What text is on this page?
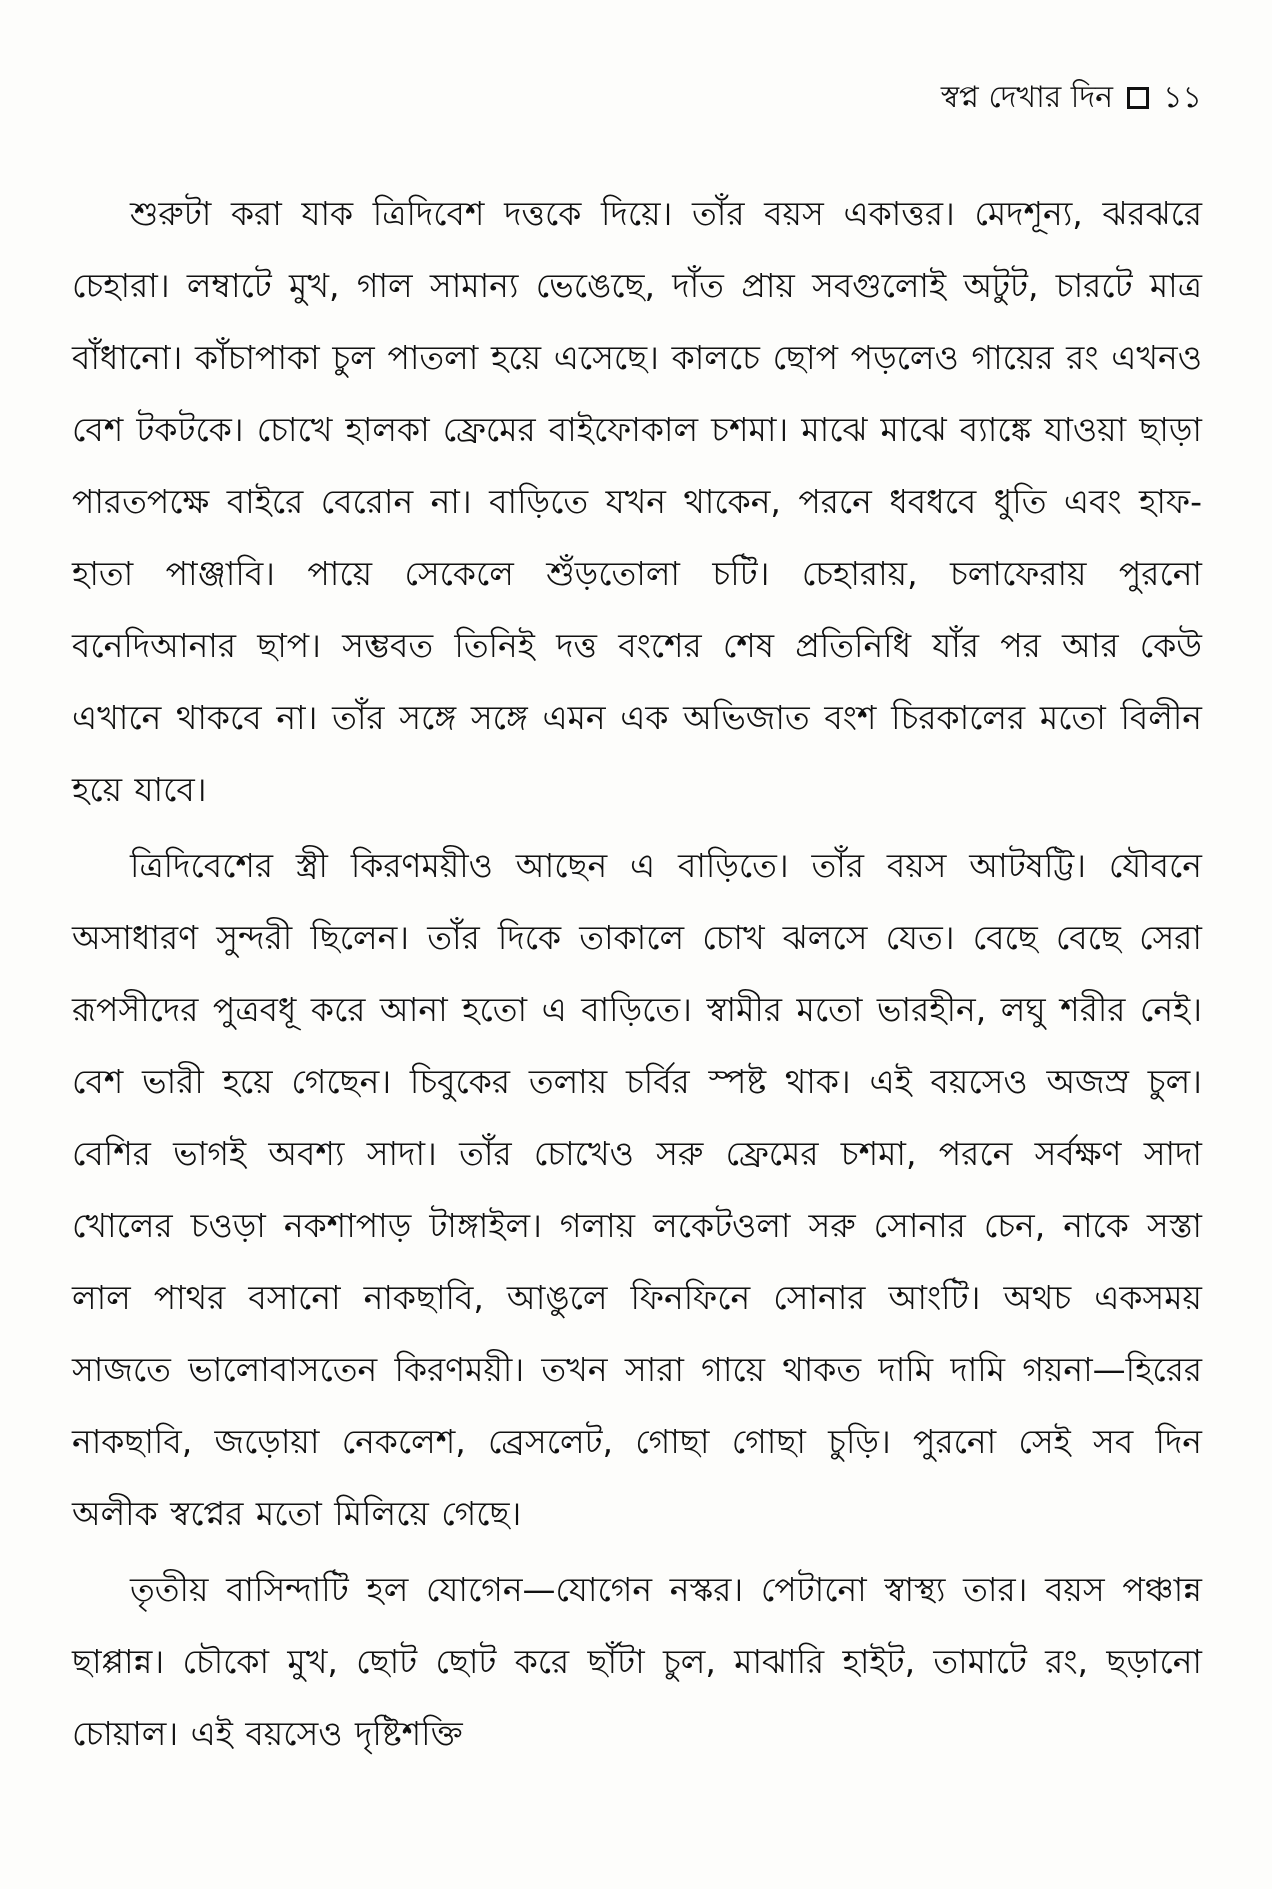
স্বপ্ন দেখার দিন ১১

শুরুটা করা যাক ত্রিদিবেশ দত্তকে দিয়ে। তাঁর বয়স একাত্তর। মেদশূন্য, ঝরঝরে চেহারা। লম্বাটে মুখ, গাল সামান্য ভেঙেছে, দাঁত প্রায় সবগুলোই অটুট, চারটে মাত্র বাঁধানো। কাঁচাপাকা চুল পাতলা হয়ে এসেছে। কালচে ছোপ পড়লেও গায়ের রং এখনও বেশ টকটকে। চোখে হালকা ফ্রেমের বাইফোকাল চশমা। মাঝে মাঝে ব্যাঙ্কে যাওয়া ছাড়া পারতপক্ষে বাইরে বেরোন না। বাড়িতে যখন থাকেন, পরনে ধবধবে ধুতি এবং হাফ-হাতা পাঞ্জাবি। পায়ে সেকেলে শুঁড়তোলা চটি। চেহারায়, চলাফেরায় পুরনো বনেদিআনার ছাপ। সম্ভবত তিনিই দত্ত বংশের শেষ প্রতিনিধি যাঁর পর আর কেউ এখানে থাকবে না। তাঁর সঙ্গে সঙ্গে এমন এক অভিজাত বংশ চিরকালের মতো বিলীন হয়ে যাবে।

ত্রিদিবেশের স্ত্রী কিরণময়ীও আছেন এ বাড়িতে। তাঁর বয়স আটষট্টি। যৌবনে অসাধারণ সুন্দরী ছিলেন। তাঁর দিকে তাকালে চোখ ঝলসে যেত। বেছে বেছে সেরা রূপসীদের পুত্রবধূ করে আনা হতো এ বাড়িতে। স্বামীর মতো ভারহীন, লঘু শরীর নেই। বেশ ভারী হয়ে গেছেন। চিবুকের তলায় চর্বির স্পষ্ট থাক। এই বয়সেও অজস্র চুল। বেশির ভাগই অবশ্য সাদা। তাঁর চোখেও সরু ফ্রেমের চশমা, পরনে সর্বক্ষণ সাদা খোলের চওড়া নকশাপাড় টাঙ্গাইল। গলায় লকেটওলা সরু সোনার চেন, নাকে সস্তা লাল পাথর বসানো নাকছাবি, আঙুলে ফিনফিনে সোনার আংটি। অথচ একসময় সাজতে ভালোবাসতেন কিরণময়ী। তখন সারা গায়ে থাকত দামি দামি গয়না—হিরের নাকছাবি, জড়োয়া নেকলেশ, ব্রেসলেট, গোছা গোছা চুড়ি। পুরনো সেই সব দিন অলীক স্বপ্নের মতো মিলিয়ে গেছে।

তৃতীয় বাসিন্দাটি হল যোগেন—যোগেন নস্কর। পেটানো স্বাস্থ্য তার। বয়স পঞ্চান্ন ছাপ্পান্ন। চৌকো মুখ, ছোট ছোট করে ছাঁটা চুল, মাঝারি হাইট, তামাটে রং, ছড়ানো চোয়াল। এই বয়সেও দৃষ্টিশক্তি
